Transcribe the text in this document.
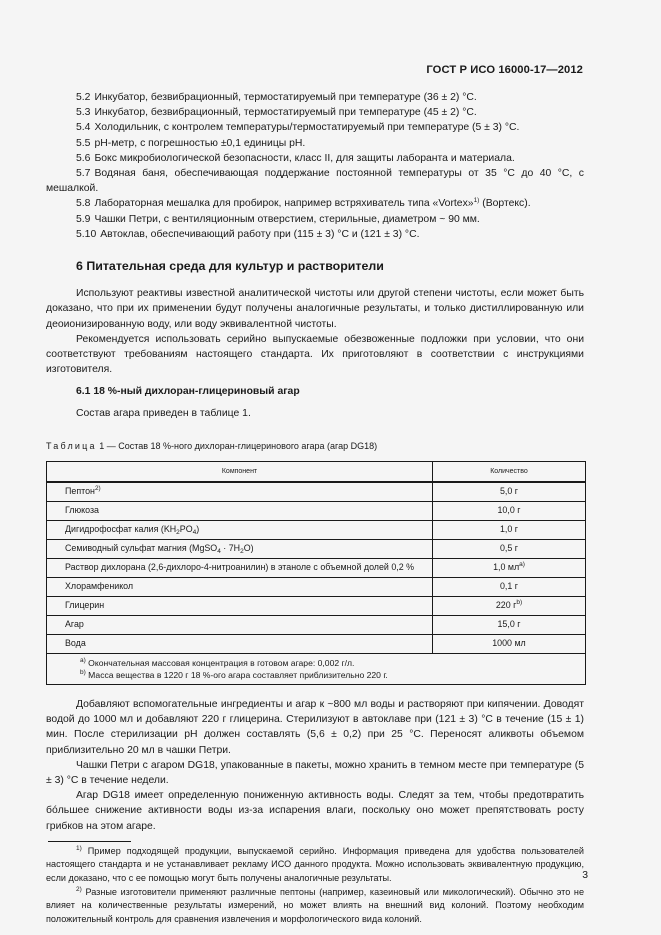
ГОСТ Р ИСО 16000-17—2012
5.2 Инкубатор, безвибрационный, термостатируемый при температуре (36 ± 2) °С.
5.3 Инкубатор, безвибрационный, термостатируемый при температуре (45 ± 2) °С.
5.4 Холодильник, с контролем температуры/термостатируемый при температуре (5 ± 3) °С.
5.5 pH-метр, с погрешностью ±0,1 единицы pH.
5.6 Бокс микробиологической безопасности, класс II, для защиты лаборанта и материала.
5.7 Водяная баня, обеспечивающая поддержание постоянной температуры от 35 °С до 40 °С, с мешалкой.
5.8 Лабораторная мешалка для пробирок, например встряхиватель типа «Vortex»$^{1)}$ (Вортекс).
5.9 Чашки Петри, с вентиляционным отверстием, стерильные, диаметром ~ 90 мм.
5.10 Автоклав, обеспечивающий работу при (115 ± 3) °С и (121 ± 3) °С.
6 Питательная среда для культур и растворители
Используют реактивы известной аналитической чистоты или другой степени чистоты, если может быть доказано, что при их применении будут получены аналогичные результаты, и только дистиллированную или деоионизированную воду, или воду эквивалентной чистоты.
Рекомендуется использовать серийно выпускаемые обезвоженные подложки при условии, что они соответствуют требованиям настоящего стандарта. Их приготовляют в соответствии с инструкциями изготовителя.
6.1 18 %-ный дихлоран-глицериновый агар
Состав агара приведен в таблице 1.
Таблица 1 — Состав 18 %-ного дихлоран-глицеринового агара (агар DG18)
Компонент	Количество
Пептон$^{2)}$	5,0 г
Глюкоза	10,0 г
Дигидрофосфат калия $(KH_2PO_4)$	1,0 г
Семиводный сульфат магния (MgSO$_4$ · $7H_2O$)	0,5 г
Раствор дихлорана (2,6-дихлоро-4-нитроанилин) в этаноле с объемной долей 0,2 %	1,0 $мл^{а)}$
Хлорамфеникол	0,1 г
Глицерин	220 $г^{b)}$
Агар	15,0 г
Вода	1000 мл

$^{а)}$ Окончательная массовая концентрация в готовом агаре: 0,002 г/л.
$^{b)}$ Масса вещества в 1220 г 18 %-ого агара составляет приблизительно 220 г.	
Добавляют вспомогательные ингредиенты и агар к ~800 мл воды и растворяют при кипячении. Доводят водой до 1000 мл и добавляют 220 г глицерина. Стерилизуют в автоклаве при (121 ± 3) °С в течение (15 ± 1) мин. После стерилизации pH должен составлять (5,6 ± 0,2) при 25 °С. Переносят аликвоты объемом приблизительно 20 мл в чашки Петри.
Чашки Петри с агаром DG18, упакованные в пакеты, можно хранить в темном месте при температуре (5 ± 3) °С в течение недели.
Агар DG18 имеет определенную пониженную активность воды. Следят за тем, чтобы предотвратить бóльшее снижение активности воды из-за испарения влаги, поскольку оно может препятствовать росту грибков на этом агаре.
$^{1)}$ Пример подходящей продукции, выпускаемой серийно. Информация приведена для удобства пользователей настоящего стандарта и не устанавливает рекламу ИСО данного продукта. Можно использовать эквивалентную продукцию, если доказано, что с ее помощью могут быть получены аналогичные результаты.
$^{2)}$ Разные изготовители применяют различные пептоны (например, казеиновый или микологический). Обычно это не влияет на количественные результаты измерений, но может влиять на внешний вид колоний. Поэтому необходим положительный контроль для сравнения извлечения и морфологического вида колоний.
3
